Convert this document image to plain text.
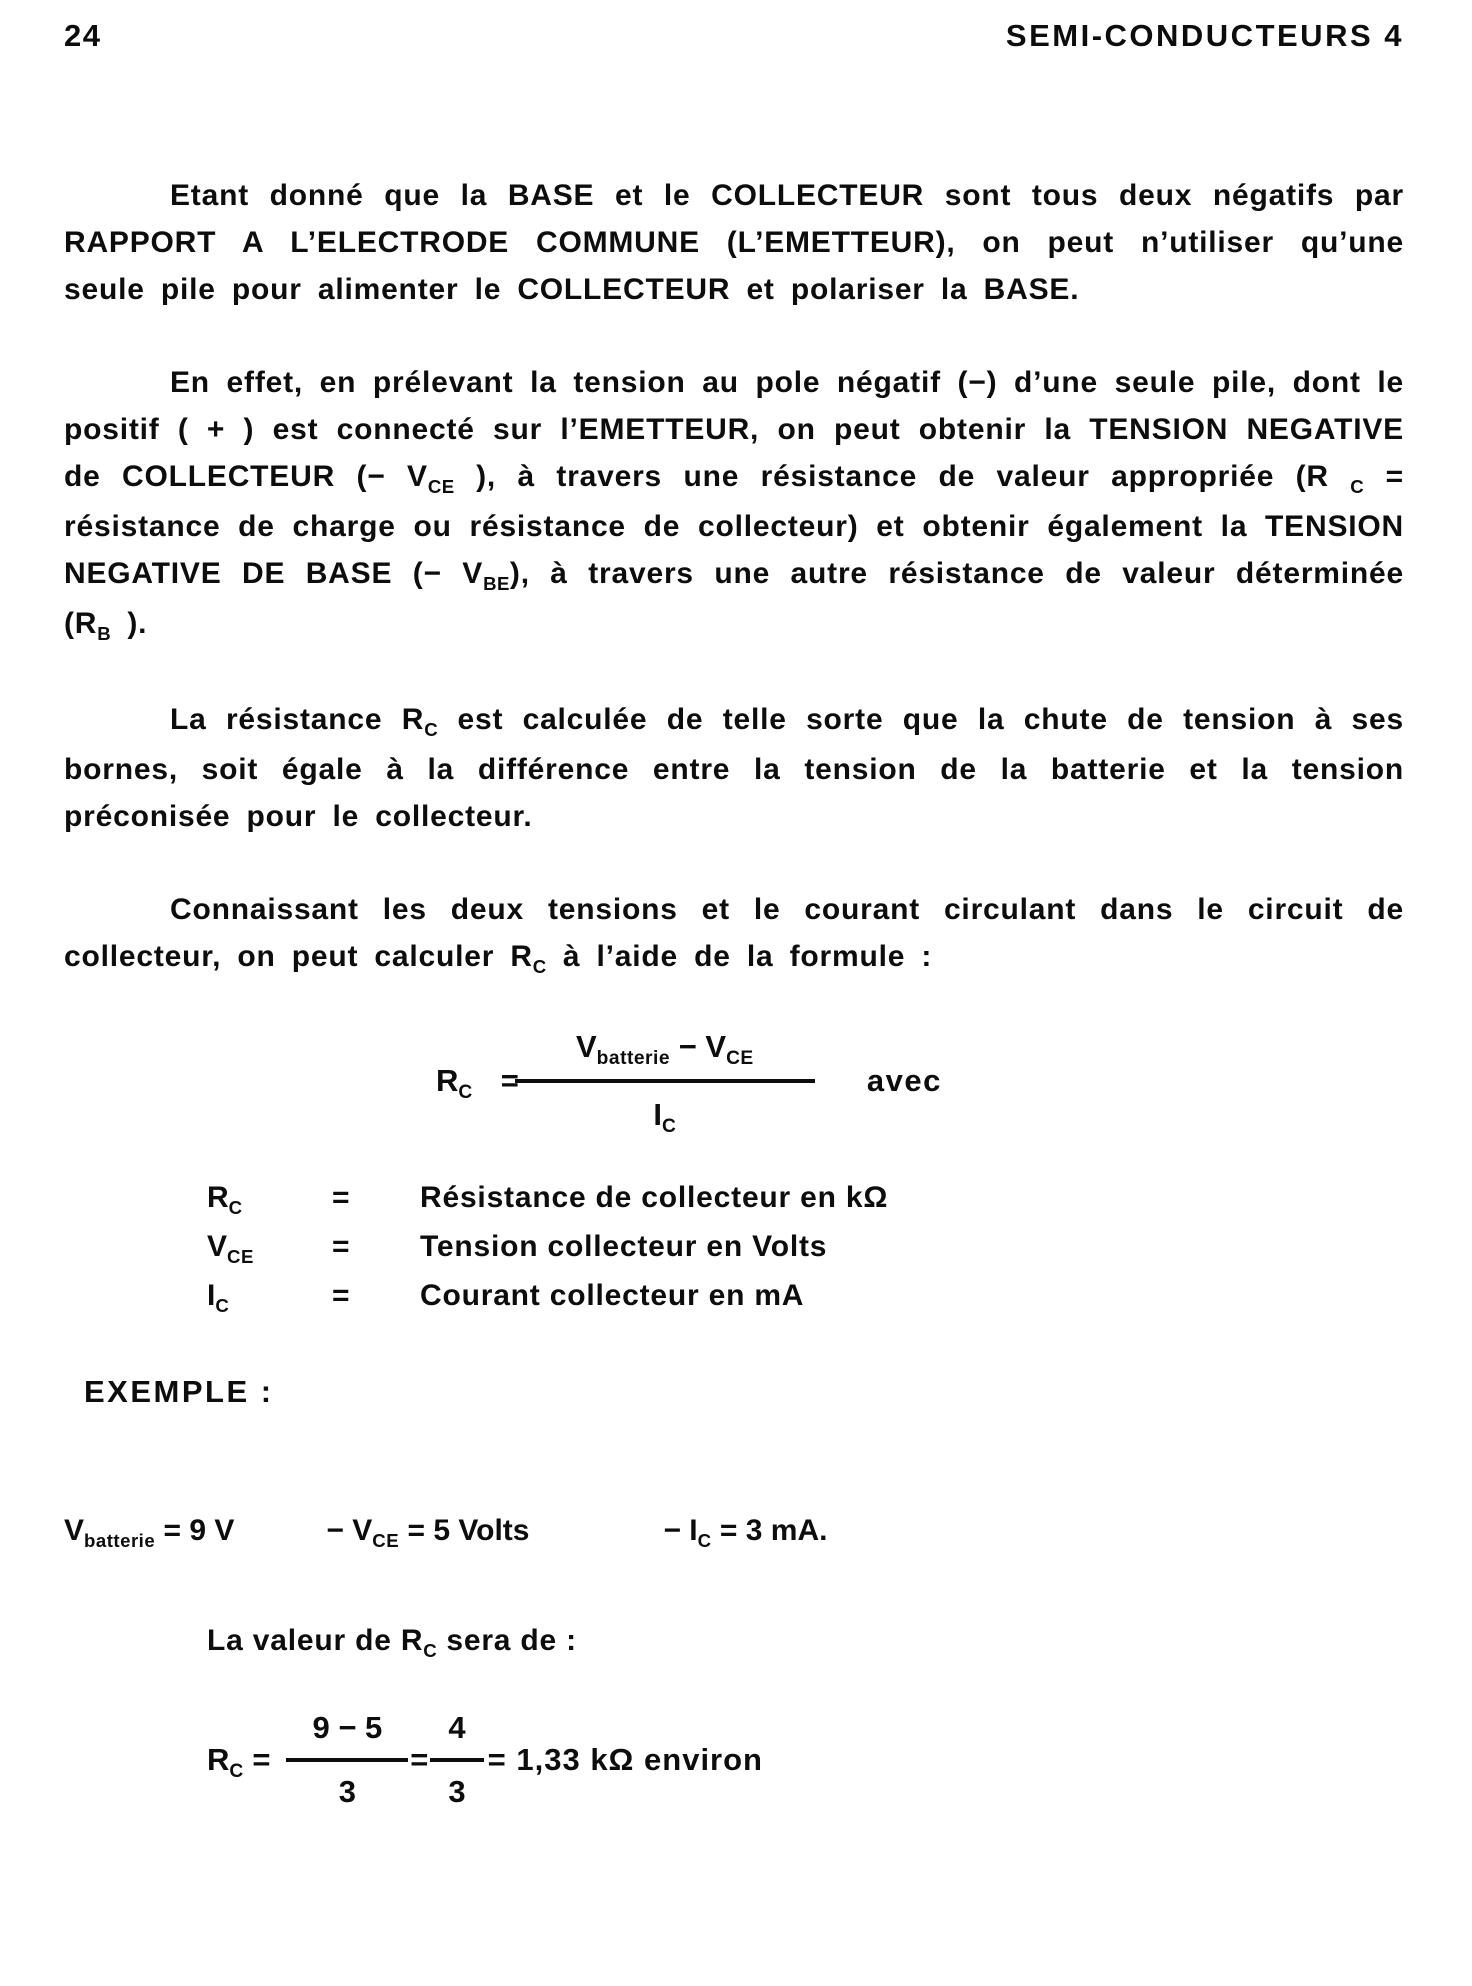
24	SEMI-CONDUCTEURS 4

Etant donné que la BASE et le COLLECTEUR sont tous deux négatifs par RAPPORT A L’ELECTRODE COMMUNE (L’EMETTEUR), on peut n’utiliser qu’une seule pile pour alimenter le COLLECTEUR et polariser la BASE.

En effet, en prélevant la tension au pole négatif (−) d’une seule pile, dont le positif ( + ) est connecté sur l’EMETTEUR, on peut obtenir la TENSION NEGATIVE de COLLECTEUR (− $V_{CE}$ ), à travers une résistance de valeur appropriée (R $_C$ = résistance de charge ou résistance de collecteur) et obtenir également la TENSION NEGATIVE DE BASE (− $V_{BE}$), à travers une autre résistance de valeur déterminée ($R_B$ ).

La résistance $R_C$ est calculée de telle sorte que la chute de tension à ses bornes, soit égale à la différence entre la tension de la batterie et la tension préconisée pour le collecteur.

Connaissant les deux tensions et le courant circulant dans le circuit de collecteur, on peut calculer $R_C$ à l’aide de la formule :

$R_C$ =
$\frac{V_{batterie} - V_{CE}}{I_C}$ avec
$R_C$	=	Résistance de collecteur en kΩ
$V_{CE}$	=	Tension collecteur en Volts
$I_C$	=	Courant collecteur en mA
EXEMPLE :
$V_{batterie} = 9$ V	− $V_{CE} = 5$ Volts	− $I_C = 3$ mA.

La valeur de $R_C$ sera de :

$R_C = \frac{9 - 5}{3} = \frac{4}{3} = 1,33$ kΩ environ
